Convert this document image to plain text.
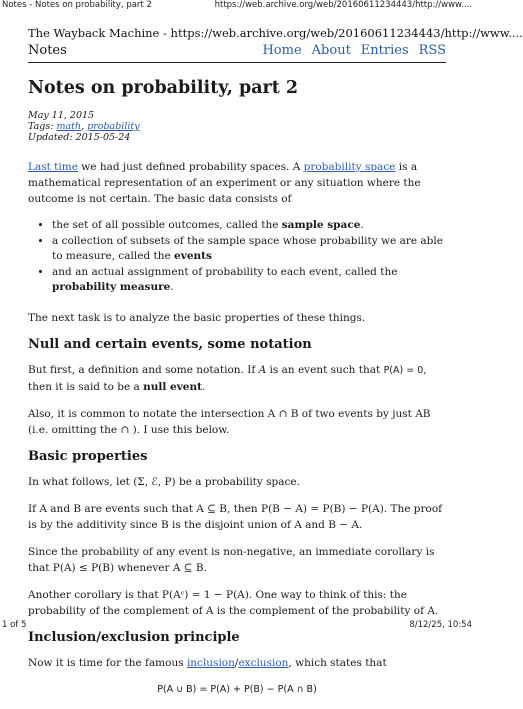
Notes - Notes on probability, part 2	https://web.archive.org/web/20160611234443/http://www....
The Wayback Machine - https://web.archive.org/web/20160611234443/http://www....
Notes	Home About Entries RSS
Notes on probability, part 2
May 11, 2015
Tags: math, probability
Updated: 2015-05-24

Last time we had just defined probability spaces. A probability space is a mathematical representation of an experiment or any situation where the outcome is not certain. The basic data consists of

• the set of all possible outcomes, called the sample space.
• a collection of subsets of the sample space whose probability we are able to measure, called the events
• and an actual assignment of probability to each event, called the probability measure.

The next task is to analyze the basic properties of these things.

Null and certain events, some notation

But first, a definition and some notation. If A is an event such that P(A) = 0, then it is said to be a null event.

Also, it is common to notate the intersection A ∩ B of two events by just AB (i.e. omitting the ∩ ). I use this below.

Basic properties

In what follows, let (Σ, ℰ, P) be a probability space.

If A and B are events such that A ⊆ B, then P(B − A) = P(B) − P(A). The proof is by the additivity since B is the disjoint union of A and B − A.

Since the probability of any event is non-negative, an immediate corollary is that P(A) ≤ P(B) whenever A ⊆ B.

Another corollary is that P(Aᶜ) = 1 − P(A). One way to think of this: the probability of the complement of A is the complement of the probability of A.

Inclusion/exclusion principle

Now it is time for the famous inclusion/exclusion, which states that

P(A ∪ B) = P(A) + P(B) − P(A ∩ B)

1 of 5	8/12/25, 10:54
